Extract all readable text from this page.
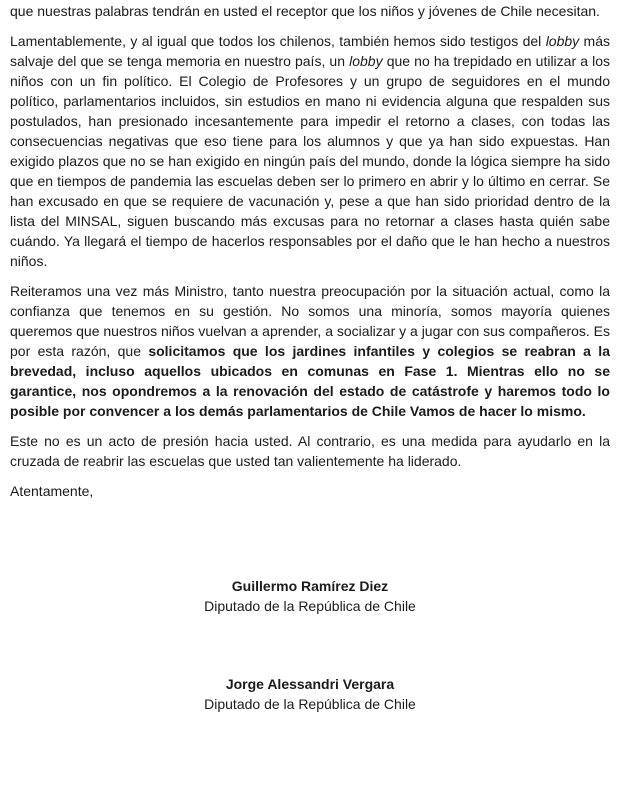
que nuestras palabras tendrán en usted el receptor que los niños y jóvenes de Chile necesitan.

Lamentablemente, y al igual que todos los chilenos, también hemos sido testigos del lobby más salvaje del que se tenga memoria en nuestro país, un lobby que no ha trepidado en utilizar a los niños con un fin político. El Colegio de Profesores y un grupo de seguidores en el mundo político, parlamentarios incluidos, sin estudios en mano ni evidencia alguna que respalden sus postulados, han presionado incesantemente para impedir el retorno a clases, con todas las consecuencias negativas que eso tiene para los alumnos y que ya han sido expuestas. Han exigido plazos que no se han exigido en ningún país del mundo, donde la lógica siempre ha sido que en tiempos de pandemia las escuelas deben ser lo primero en abrir y lo último en cerrar. Se han excusado en que se requiere de vacunación y, pese a que han sido prioridad dentro de la lista del MINSAL, siguen buscando más excusas para no retornar a clases hasta quién sabe cuándo. Ya llegará el tiempo de hacerlos responsables por el daño que le han hecho a nuestros niños.

Reiteramos una vez más Ministro, tanto nuestra preocupación por la situación actual, como la confianza que tenemos en su gestión. No somos una minoría, somos mayoría quienes queremos que nuestros niños vuelvan a aprender, a socializar y a jugar con sus compañeros. Es por esta razón, que solicitamos que los jardines infantiles y colegios se reabran a la brevedad, incluso aquellos ubicados en comunas en Fase 1. Mientras ello no se garantice, nos opondremos a la renovación del estado de catástrofe y haremos todo lo posible por convencer a los demás parlamentarios de Chile Vamos de hacer lo mismo.

Este no es un acto de presión hacia usted. Al contrario, es una medida para ayudarlo en la cruzada de reabrir las escuelas que usted tan valientemente ha liderado.

Atentamente,

Guillermo Ramírez Diez
Diputado de la República de Chile
Jorge Alessandri Vergara
Diputado de la República de Chile
